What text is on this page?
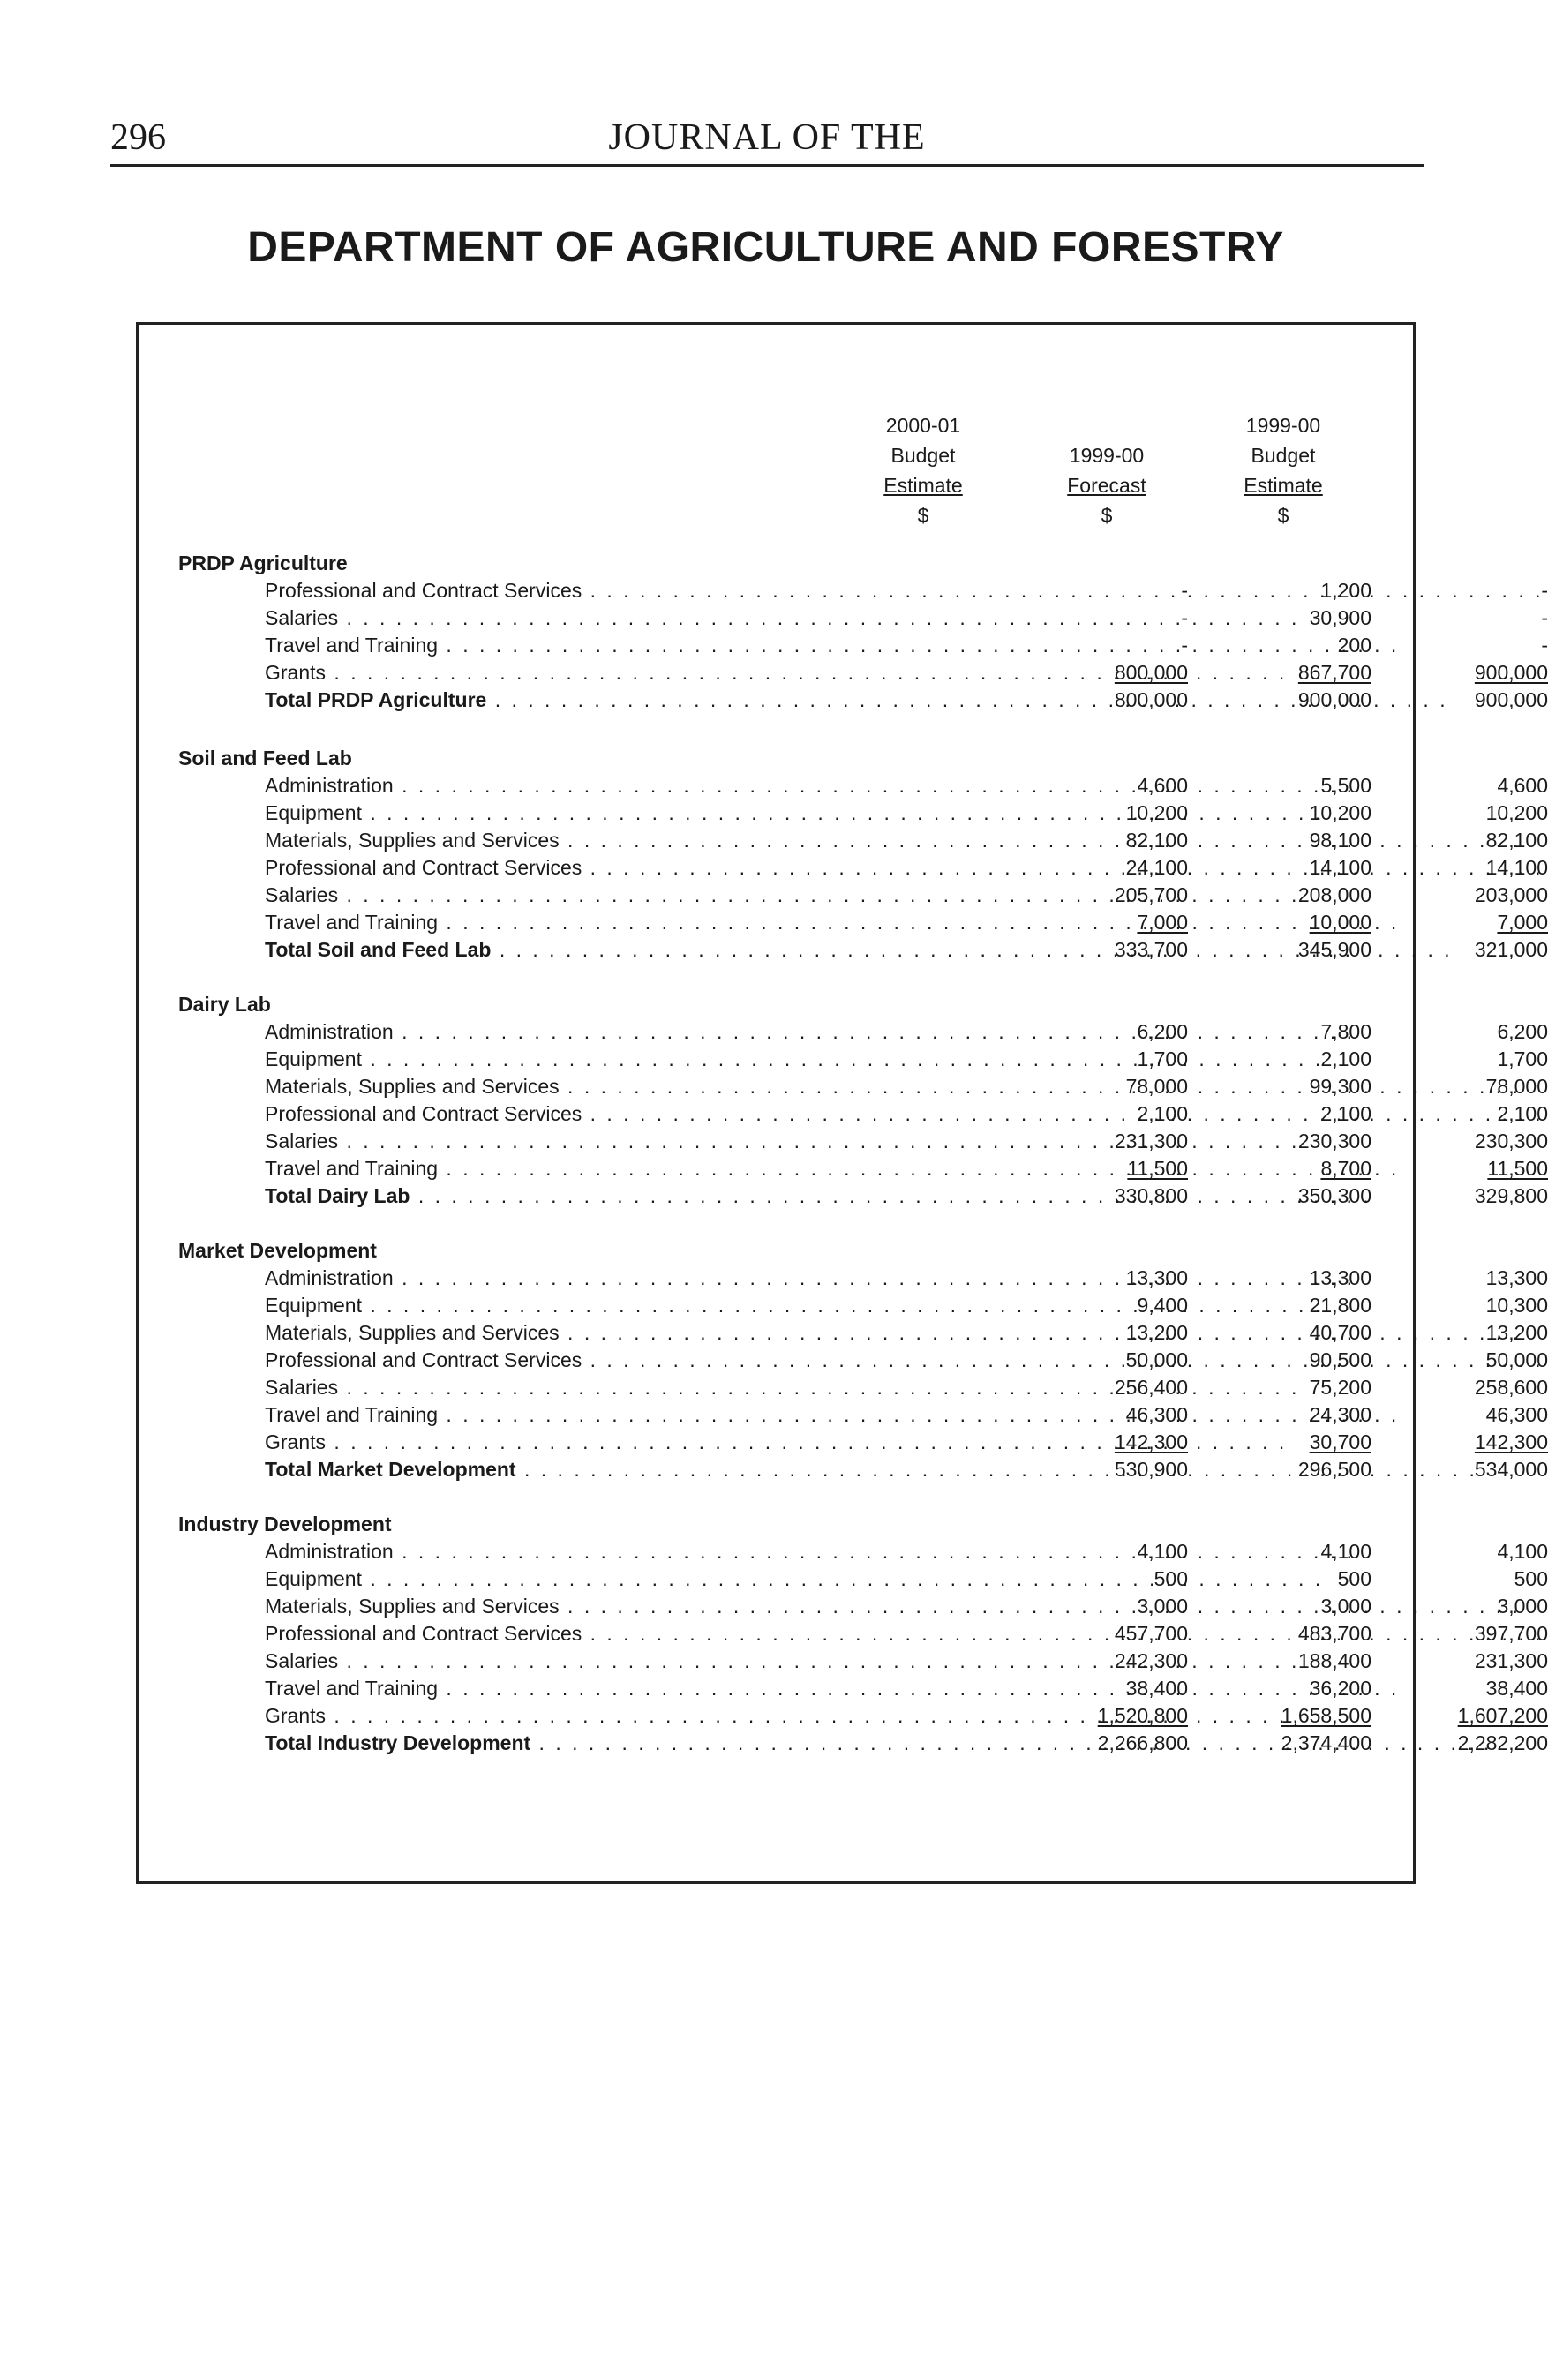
296	JOURNAL OF THE
DEPARTMENT OF AGRICULTURE AND FORESTRY
2000-01
Budget
Estimate
$
1999-00
Forecast
$
1999-00
Budget
Estimate
$
PRDP Agriculture
Professional and Contract Services . . .	-	1,200	-
Salaries . . .	-	30,900	-
Travel and Training . . .	-	200	-
Grants . . .	800,000	867,700	900,000
Total PRDP Agriculture . . .	800,000	900,000	900,000
Soil and Feed Lab
Administration . . .	4,600	5,500	4,600
Equipment . . .	10,200	10,200	10,200
Materials, Supplies and Services . . .	82,100	98,100	82,100
Professional and Contract Services . . .	24,100	14,100	14,100
Salaries . . .	205,700	208,000	203,000
Travel and Training . . .	7,000	10,000	7,000
Total Soil and Feed Lab . . .	333,700	345,900	321,000
Dairy Lab
Administration . . .	6,200	7,800	6,200
Equipment . . .	1,700	2,100	1,700
Materials, Supplies and Services . . .	78,000	99,300	78,000
Professional and Contract Services . . .	2,100	2,100	2,100
Salaries . . .	231,300	230,300	230,300
Travel and Training . . .	11,500	8,700	11,500
Total Dairy Lab . . .	330,800	350,300	329,800
Market Development
Administration . . .	13,300	13,300	13,300
Equipment . . .	9,400	21,800	10,300
Materials, Supplies and Services . . .	13,200	40,700	13,200
Professional and Contract Services . . .	50,000	90,500	50,000
Salaries . . .	256,400	75,200	258,600
Travel and Training . . .	46,300	24,300	46,300
Grants . . .	142,300	30,700	142,300
Total Market Development . . .	530,900	296,500	534,000
Industry Development
Administration . . .	4,100	4,100	4,100
Equipment . . .	500	500	500
Materials, Supplies and Services . . .	3,000	3,000	3,000
Professional and Contract Services . . .	457,700	483,700	397,700
Salaries . . .	242,300	188,400	231,300
Travel and Training . . .	38,400	36,200	38,400
Grants . . .	1,520,800	1,658,500	1,607,200
Total Industry Development . . .	2,266,800	2,374,400	2,282,200
